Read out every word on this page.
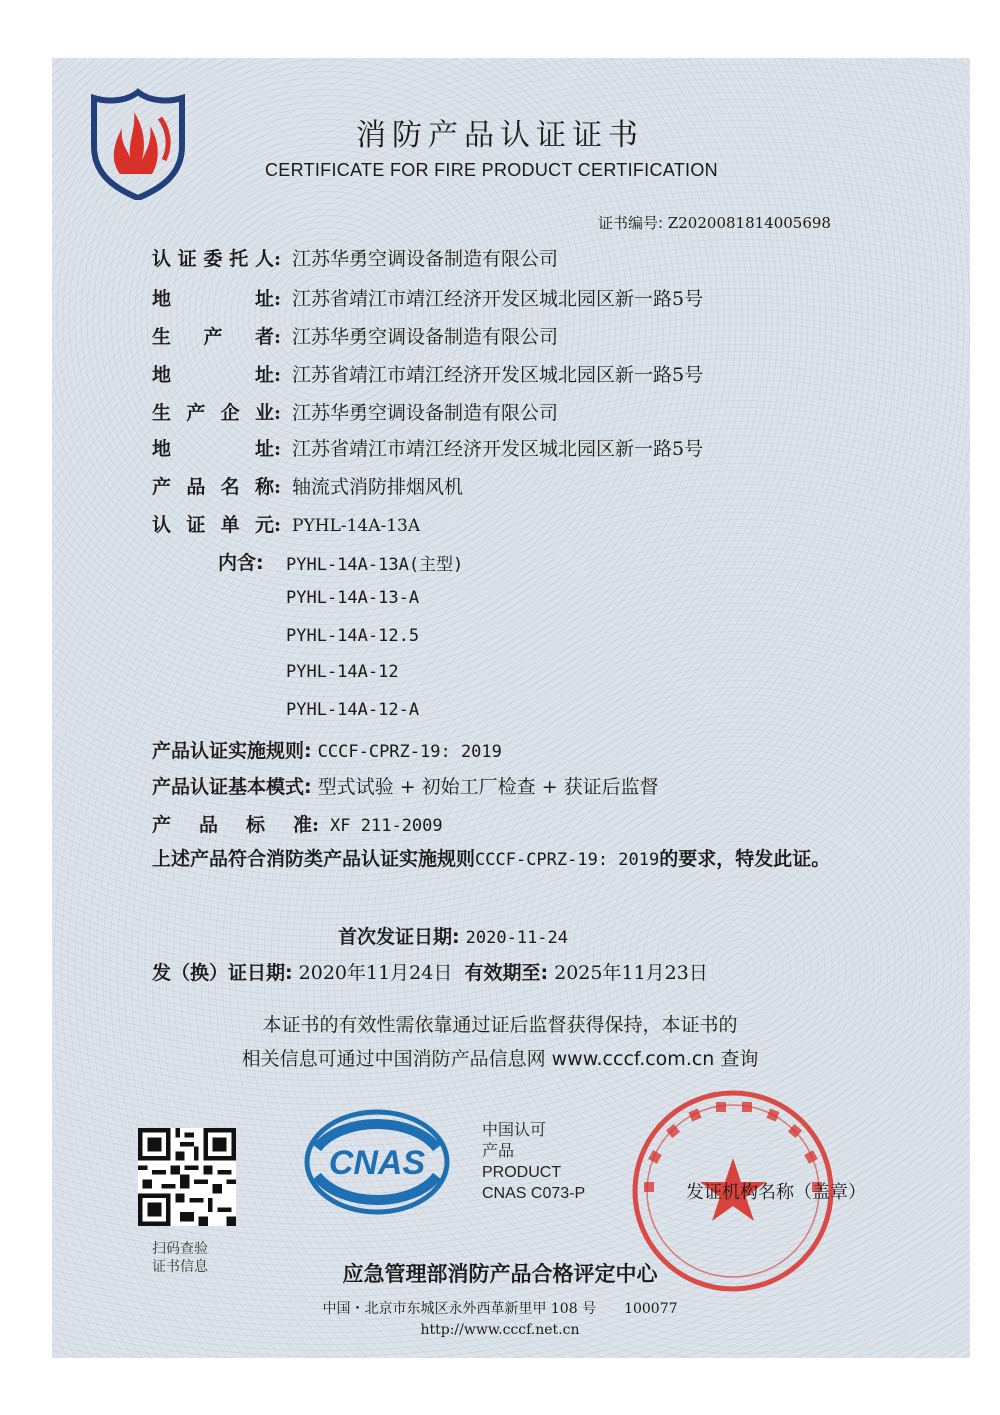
消防产品认证证书
CERTIFICATE FOR FIRE PRODUCT CERTIFICATION
证书编号: Z2020081814005698
认证委托人: 江苏华勇空调设备制造有限公司
地址: 江苏省靖江市靖江经济开发区城北园区新一路5号
生产者: 江苏华勇空调设备制造有限公司
地址: 江苏省靖江市靖江经济开发区城北园区新一路5号
生产企业: 江苏华勇空调设备制造有限公司
地址: 江苏省靖江市靖江经济开发区城北园区新一路5号
产品名称: 轴流式消防排烟风机
认证单元: PYHL-14A-13A
内含: PYHL-14A-13A(主型)
PYHL-14A-13-A
PYHL-14A-12.5
PYHL-14A-12
PYHL-14A-12-A
产品认证实施规则: CCCF-CPRZ-19: 2019
产品认证基本模式: 型式试验 + 初始工厂检查 + 获证后监督
产品标准: XF 211-2009
上述产品符合消防类产品认证实施规则CCCF-CPRZ-19: 2019的要求，特发此证。
首次发证日期: 2020-11-24
发（换）证日期: 2020年11月24日 有效期至: 2025年11月23日
本证书的有效性需依靠通过证后监督获得保持，本证书的
相关信息可通过中国消防产品信息网 www.cccf.com.cn 查询
扫码查验
证书信息
CNAS
中国认可
产品
PRODUCT
CNAS C073-P	发证机构名称（盖章）
应急管理部消防产品合格评定中心
中国・北京市东城区永外西革新里甲 108 号　　100077
http://www.cccf.net.cn
